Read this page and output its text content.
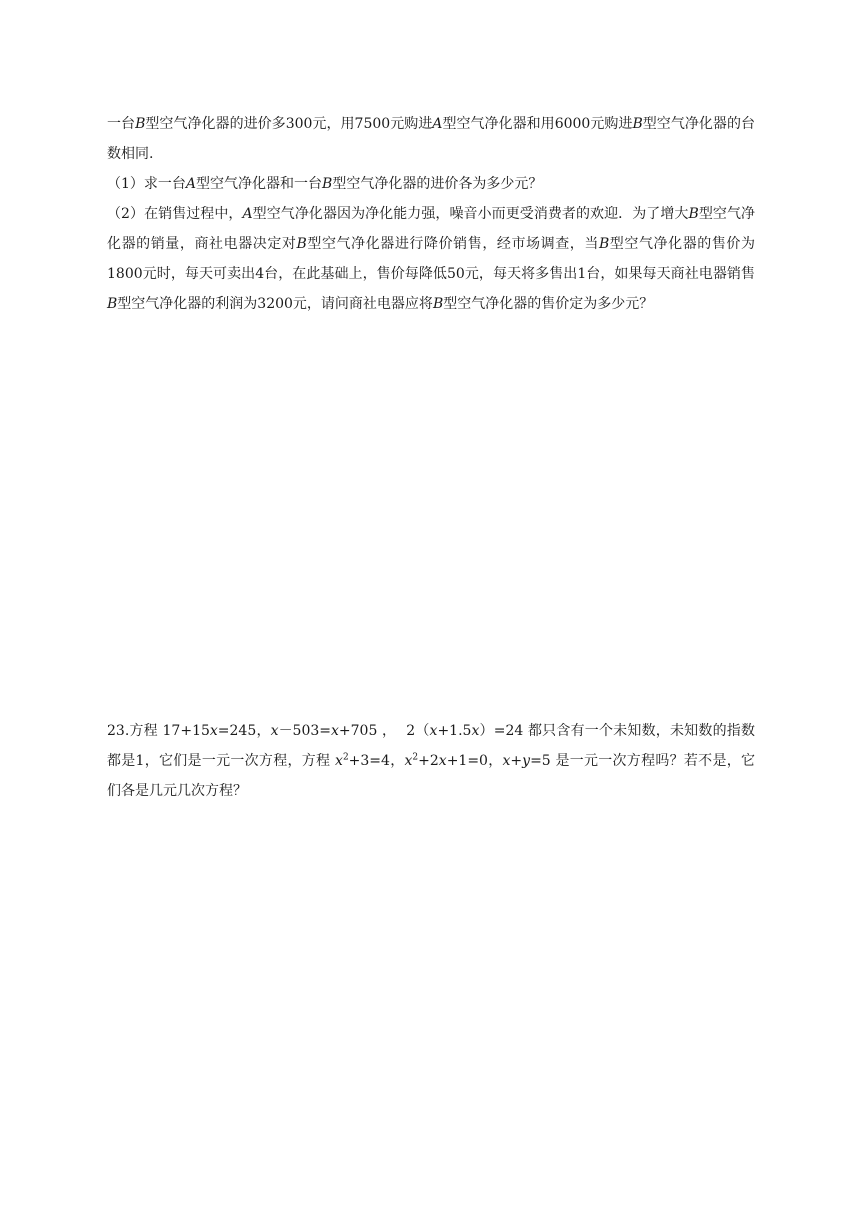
一台B型空气净化器的进价多300元，用7500元购进A型空气净化器和用6000元购进B型空气净化器的台数相同.

（1）求一台A型空气净化器和一台B型空气净化器的进价各为多少元？

（2）在销售过程中，A型空气净化器因为净化能力强，噪音小而更受消费者的欢迎．为了增大B型空气净化器的销量，商社电器决定对B型空气净化器进行降价销售，经市场调查，当B型空气净化器的售价为1800元时，每天可卖出4台，在此基础上，售价每降低50元，每天将多售出1台，如果每天商社电器销售B型空气净化器的利润为3200元，请问商社电器应将B型空气净化器的售价定为多少元？

23.方程 17+15x=245，x－503=x+705 ， 2（x+1.5x）=24 都只含有一个未知数，未知数的指数都是1，它们是一元一次方程，方程 $x^2+3=4$，$x^2+2x+1=0$，x+y=5 是一元一次方程吗？若不是，它们各是几元几次方程？
